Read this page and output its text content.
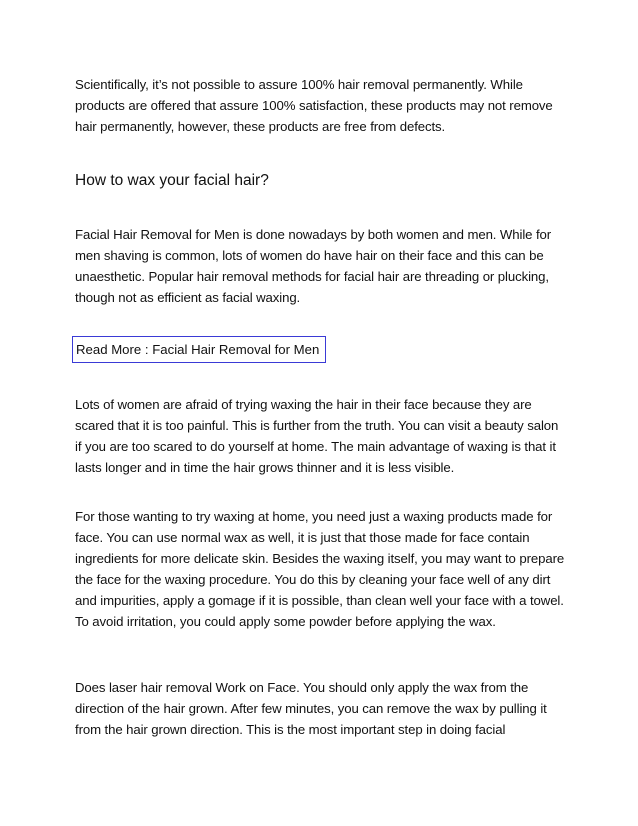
Scientifically, it’s not possible to assure 100% hair removal permanently. While products are offered that assure 100% satisfaction, these products may not remove hair permanently, however, these products are free from defects.

How to wax your facial hair?

Facial Hair Removal for Men is done nowadays by both women and men. While for men shaving is common, lots of women do have hair on their face and this can be unaesthetic. Popular hair removal methods for facial hair are threading or plucking, though not as efficient as facial waxing.

Read More : Facial Hair Removal for Men

Lots of women are afraid of trying waxing the hair in their face because they are scared that it is too painful. This is further from the truth. You can visit a beauty salon if you are too scared to do yourself at home. The main advantage of waxing is that it lasts longer and in time the hair grows thinner and it is less visible.

For those wanting to try waxing at home, you need just a waxing products made for face. You can use normal wax as well, it is just that those made for face contain ingredients for more delicate skin. Besides the waxing itself, you may want to prepare the face for the waxing procedure. You do this by cleaning your face well of any dirt and impurities, apply a gomage if it is possible, than clean well your face with a towel. To avoid irritation, you could apply some powder before applying the wax.

Does laser hair removal Work on Face. You should only apply the wax from the direction of the hair grown. After few minutes, you can remove the wax by pulling it from the hair grown direction. This is the most important step in doing facial
